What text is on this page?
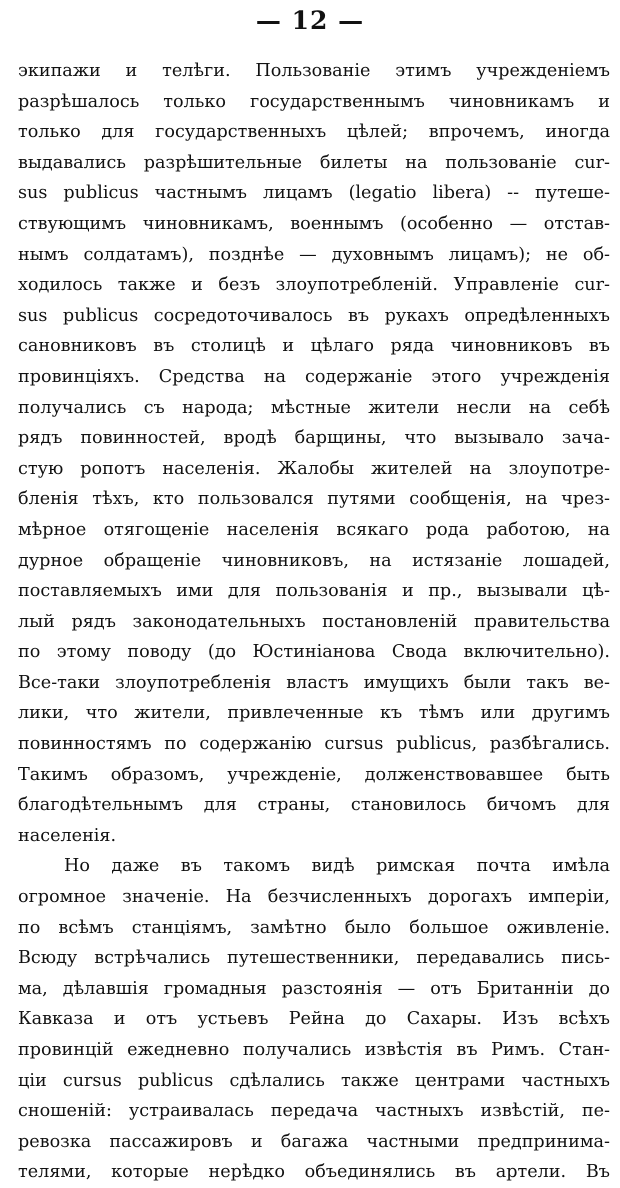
— 12 —
экипажи и телѣги. Пользованіе этимъ учрежденіемъ
разрѣшалось только государственнымъ чиновникамъ и
только для государственныхъ цѣлей; впрочемъ, иногда
выдавались разрѣшительные билеты на пользованіе cur-
sus publicus частнымъ лицамъ (legatio libera) -- путеше-
ствующимъ чиновникамъ, военнымъ (особенно — отстав-
нымъ солдатамъ), позднѣе — духовнымъ лицамъ); не об-
ходилось также и безъ злоупотребленій. Управленіе cur-
sus publicus сосредоточивалось въ рукахъ опредѣленныхъ
сановниковъ въ столицѣ и цѣлаго ряда чиновниковъ въ
провинціяхъ. Средства на содержаніе этого учрежденія
получались съ народа; мѣстные жители несли на себѣ
рядъ повинностей, вродѣ барщины, что вызывало зача-
стую ропотъ населенія. Жалобы жителей на злоупотре-
бленія тѣхъ, кто пользовался путями сообщенія, на чрез-
мѣрное отягощеніе населенія всякаго рода работою, на
дурное обращеніе чиновниковъ, на истязаніе лошадей,
поставляемыхъ ими для пользованія и пр., вызывали цѣ-
лый рядъ законодательныхъ постановленій правительства
по этому поводу (до Юстиніанова Свода включительно).
Все-таки злоупотребленія властъ имущихъ были такъ ве-
лики, что жители, привлеченные къ тѣмъ или другимъ
повинностямъ по содержанію cursus publicus, разбѣгались.
Такимъ образомъ, учрежденіе, долженствовавшее быть
благодѣтельнымъ для страны, становилось бичомъ для
населенія.
Но даже въ такомъ видѣ римская почта имѣла
огромное значеніе. На безчисленныхъ дорогахъ имперіи,
по всѣмъ станціямъ, замѣтно было большое оживленіе.
Всюду встрѣчались путешественники, передавались пись-
ма, дѣлавшія громадныя разстоянія — отъ Британніи до
Кавказа и отъ устьевъ Рейна до Сахары. Изъ всѣхъ
провинцій ежедневно получались извѣстія въ Римъ. Стан-
ціи cursus publicus сдѣлались также центрами частныхъ
сношеній: устраивалась передача частныхъ извѣстій, пе-
ревозка пассажировъ и багажа частными предпринима-
телями, которые нерѣдко объединялись въ артели. Въ
